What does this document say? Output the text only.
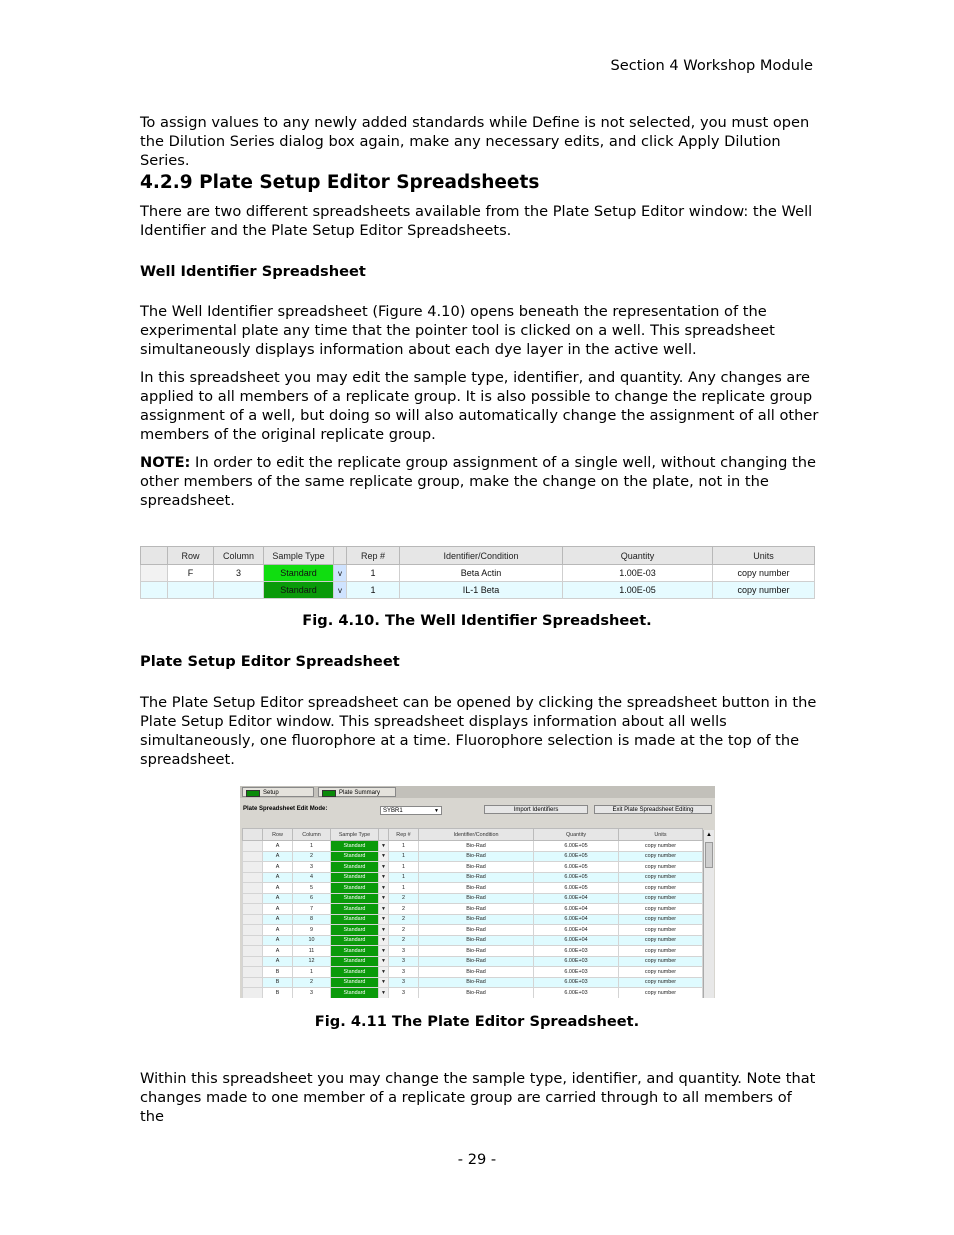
Section 4 Workshop Module
To assign values to any newly added standards while Define is not selected, you must open the Dilution Series dialog box again, make any necessary edits, and click Apply Dilution Series.
4.2.9 Plate Setup Editor Spreadsheets
There are two different spreadsheets available from the Plate Setup Editor window: the Well Identifier and the Plate Setup Editor Spreadsheets.
Well Identifier Spreadsheet
The Well Identifier spreadsheet (Figure 4.10) opens beneath the representation of the experimental plate any time that the pointer tool is clicked on a well. This spreadsheet simultaneously displays information about each dye layer in the active well.
In this spreadsheet you may edit the sample type, identifier, and quantity. Any changes are applied to all members of a replicate group. It is also possible to change the replicate group assignment of a well, but doing so will also automatically change the assignment of all other members of the original replicate group.
NOTE: In order to edit the replicate group assignment of a single well, without changing the other members of the same replicate group, make the change on the plate, not in the spreadsheet.
	Row	Column	Sample Type		Rep #	Identifier/Condition	Quantity	Units
	F	3	Standard	v	1	Beta Actin	1.00E-03	copy number
			Standard	v	1	IL-1 Beta	1.00E-05	copy number
Fig. 4.10. The Well Identifier Spreadsheet.
Plate Setup Editor Spreadsheet
The Plate Setup Editor spreadsheet can be opened by clicking the spreadsheet button in the Plate Setup Editor window. This spreadsheet displays information about all wells simultaneously, one fluorophore at a time. Fluorophore selection is made at the top of the spreadsheet.
Setup	Plate Summary
Plate Spreadsheet Edit Mode:	SYBR1	▼	Import Identifiers	Exit Plate Spreadsheet Editing
	Row	Column	Sample Type		Rep #	Identifier/Condition	Quantity	Units
	A	1	Standard	▼	1	Bio-Rad	6.00E+05	copy number
	A	2	Standard	▼	1	Bio-Rad	6.00E+05	copy number
	A	3	Standard	▼	1	Bio-Rad	6.00E+05	copy number
	A	4	Standard	▼	1	Bio-Rad	6.00E+05	copy number
	A	5	Standard	▼	1	Bio-Rad	6.00E+05	copy number
	A	6	Standard	▼	2	Bio-Rad	6.00E+04	copy number
	A	7	Standard	▼	2	Bio-Rad	6.00E+04	copy number
	A	8	Standard	▼	2	Bio-Rad	6.00E+04	copy number
	A	9	Standard	▼	2	Bio-Rad	6.00E+04	copy number
	A	10	Standard	▼	2	Bio-Rad	6.00E+04	copy number
	A	11	Standard	▼	3	Bio-Rad	6.00E+03	copy number
	A	12	Standard	▼	3	Bio-Rad	6.00E+03	copy number
	B	1	Standard	▼	3	Bio-Rad	6.00E+03	copy number
	B	2	Standard	▼	3	Bio-Rad	6.00E+03	copy number
	B	3	Standard	▼	3	Bio-Rad	6.00E+03	copy number
▲
Fig. 4.11 The Plate Editor Spreadsheet.
Within this spreadsheet you may change the sample type, identifier, and quantity. Note that changes made to one member of a replicate group are carried through to all members of the
- 29 -
